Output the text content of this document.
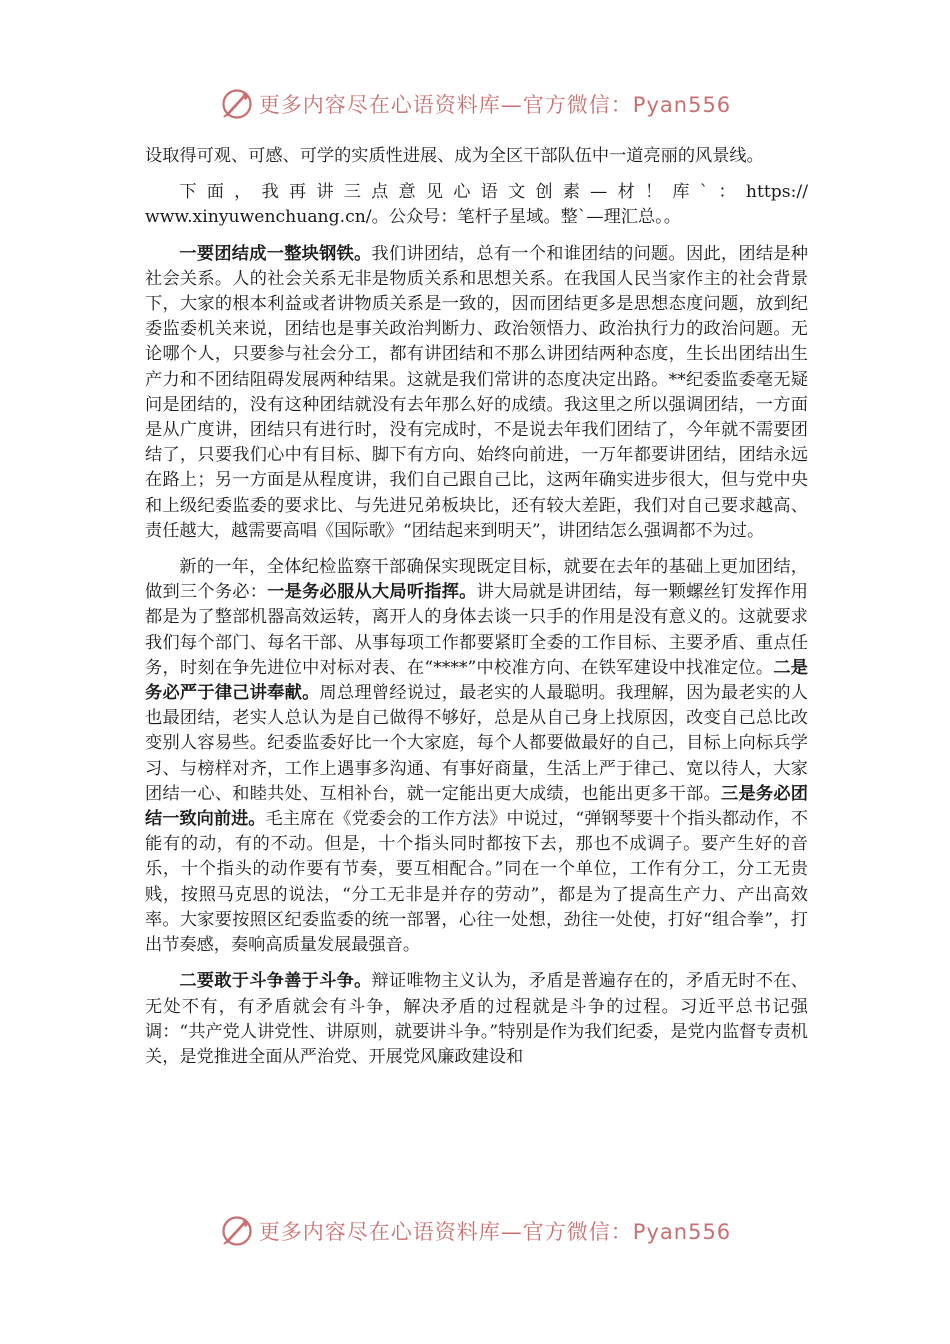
更多内容尽在心语资料库—官方微信：Pyan556

设取得可观、可感、可学的实质性进展、成为全区干部队伍中一道亮丽的风景线。

下面，我再讲三点意见心语文创素—材！库`：https://

www.xinyuwenchuang.cn/。公众号：笔杆子星域。整`—理汇总。。

一要团结成一整块钢铁。我们讲团结，总有一个和谁团结的问题。因此，团结是种社会关系。人的社会关系无非是物质关系和思想关系。在我国人民当家作主的社会背景下，大家的根本利益或者讲物质关系是一致的，因而团结更多是思想态度问题，放到纪委监委机关来说，团结也是事关政治判断力、政治领悟力、政治执行力的政治问题。无论哪个人，只要参与社会分工，都有讲团结和不那么讲团结两种态度，生长出团结出生产力和不团结阻碍发展两种结果。这就是我们常讲的态度决定出路。**纪委监委毫无疑问是团结的，没有这种团结就没有去年那么好的成绩。我这里之所以强调团结，一方面是从广度讲，团结只有进行时，没有完成时，不是说去年我们团结了，今年就不需要团结了，只要我们心中有目标、脚下有方向、始终向前进，一万年都要讲团结，团结永远在路上；另一方面是从程度讲，我们自己跟自己比，这两年确实进步很大，但与党中央和上级纪委监委的要求比、与先进兄弟板块比，还有较大差距，我们对自己要求越高、责任越大，越需要高唱《国际歌》“团结起来到明天”，讲团结怎么强调都不为过。

新的一年，全体纪检监察干部确保实现既定目标，就要在去年的基础上更加团结，做到三个务必：一是务必服从大局听指挥。讲大局就是讲团结，每一颗螺丝钉发挥作用都是为了整部机器高效运转，离开人的身体去谈一只手的作用是没有意义的。这就要求我们每个部门、每名干部、从事每项工作都要紧盯全委的工作目标、主要矛盾、重点任务，时刻在争先进位中对标对表、在“****”中校准方向、在铁军建设中找准定位。二是务必严于律己讲奉献。周总理曾经说过，最老实的人最聪明。我理解，因为最老实的人也最团结，老实人总认为是自己做得不够好，总是从自己身上找原因，改变自己总比改变别人容易些。纪委监委好比一个大家庭，每个人都要做最好的自己，目标上向标兵学习、与榜样对齐，工作上遇事多沟通、有事好商量，生活上严于律己、宽以待人，大家团结一心、和睦共处、互相补台，就一定能出更大成绩，也能出更多干部。三是务必团结一致向前进。毛主席在《党委会的工作方法》中说过，“弹钢琴要十个指头都动作，不能有的动，有的不动。但是，十个指头同时都按下去，那也不成调子。要产生好的音乐，十个指头的动作要有节奏，要互相配合。”同在一个单位，工作有分工，分工无贵贱，按照马克思的说法，“分工无非是并存的劳动”，都是为了提高生产力、产出高效率。大家要按照区纪委监委的统一部署，心往一处想，劲往一处使，打好“组合拳”，打出节奏感，奏响高质量发展最强音。

二要敢于斗争善于斗争。辩证唯物主义认为，矛盾是普遍存在的，矛盾无时不在、无处不有，有矛盾就会有斗争，解决矛盾的过程就是斗争的过程。习近平总书记强调：“共产党人讲党性、讲原则，就要讲斗争。”特别是作为我们纪委，是党内监督专责机关，是党推进全面从严治党、开展党风廉政建设和

更多内容尽在心语资料库—官方微信：Pyan556
